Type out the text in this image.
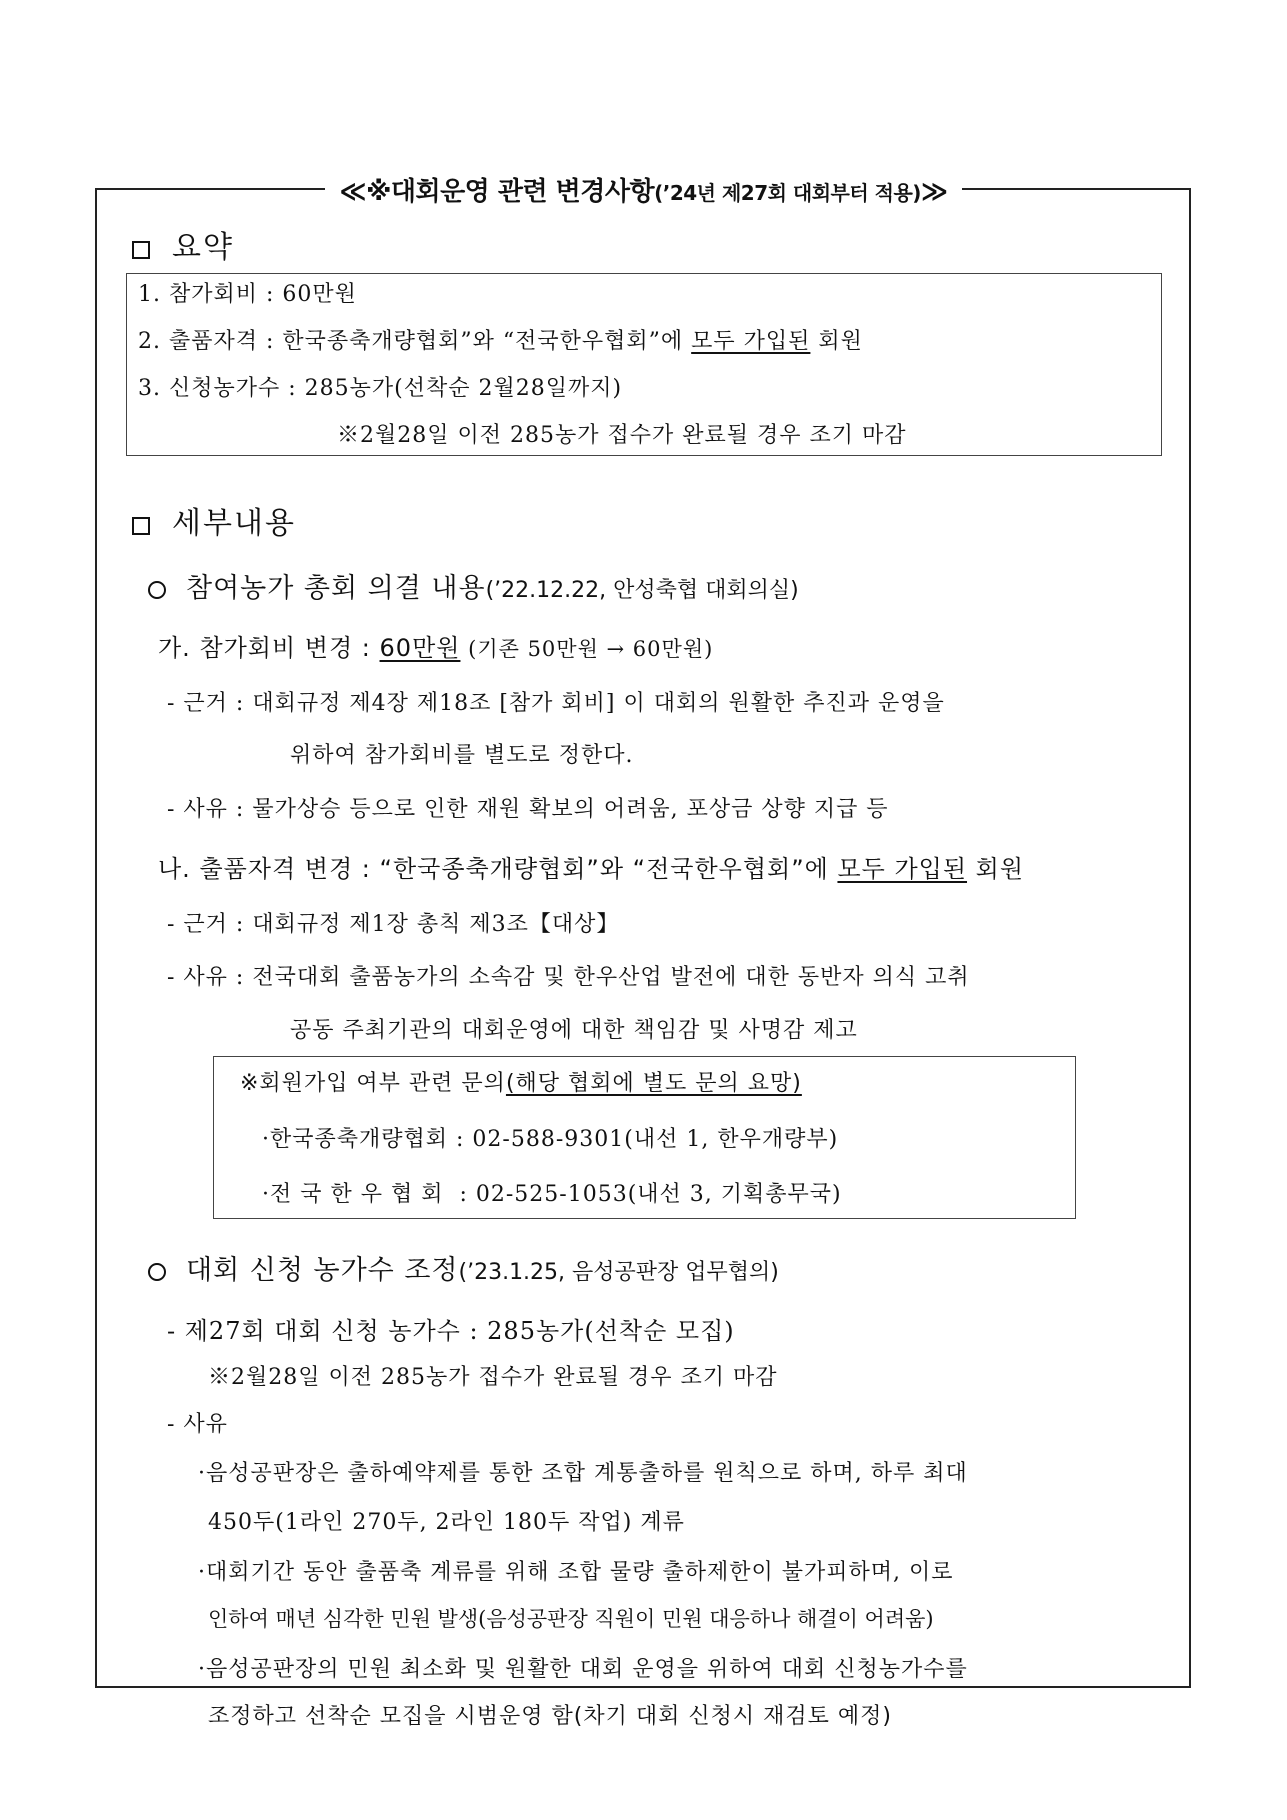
≪※대회운영 관련 변경사항(’24년 제27회 대회부터 적용)≫
요약
1. 참가회비 : 60만원
2. 출품자격 : 한국종축개량협회”와 “전국한우협회”에 모두 가입된 회원
3. 신청농가수 : 285농가(선착순 2월28일까지)
※2월28일 이전 285농가 접수가 완료될 경우 조기 마감
세부내용
참여농가 총회 의결 내용(’22.12.22, 안성축협 대회의실)
가. 참가회비 변경 : 60만원 (기존 50만원 → 60만원)
- 근거 : 대회규정 제4장 제18조 [참가 회비] 이 대회의 원활한 추진과 운영을
위하여 참가회비를 별도로 정한다.
- 사유 : 물가상승 등으로 인한 재원 확보의 어려움, 포상금 상향 지급 등
나. 출품자격 변경 : “한국종축개량협회”와 “전국한우협회”에 모두 가입된 회원
- 근거 : 대회규정 제1장 총칙 제3조【대상】
- 사유 : 전국대회 출품농가의 소속감 및 한우산업 발전에 대한 동반자 의식 고취
공동 주최기관의 대회운영에 대한 책임감 및 사명감 제고
※회원가입 여부 관련 문의(해당 협회에 별도 문의 요망)
·한국종축개량협회 : 02-588-9301(내선 1, 한우개량부)
·전 국 한 우 협 회  : 02-525-1053(내선 3, 기획총무국)
대회 신청 농가수 조정(’23.1.25, 음성공판장 업무협의)
- 제27회 대회 신청 농가수 : 285농가(선착순 모집)
※2월28일 이전 285농가 접수가 완료될 경우 조기 마감
- 사유
·음성공판장은 출하예약제를 통한 조합 계통출하를 원칙으로 하며, 하루 최대
450두(1라인 270두, 2라인 180두 작업) 계류
·대회기간 동안 출품축 계류를 위해 조합 물량 출하제한이 불가피하며, 이로
인하여 매년 심각한 민원 발생(음성공판장 직원이 민원 대응하나 해결이 어려움)
·음성공판장의 민원 최소화 및 원활한 대회 운영을 위하여 대회 신청농가수를
조정하고 선착순 모집을 시범운영 함(차기 대회 신청시 재검토 예정)
